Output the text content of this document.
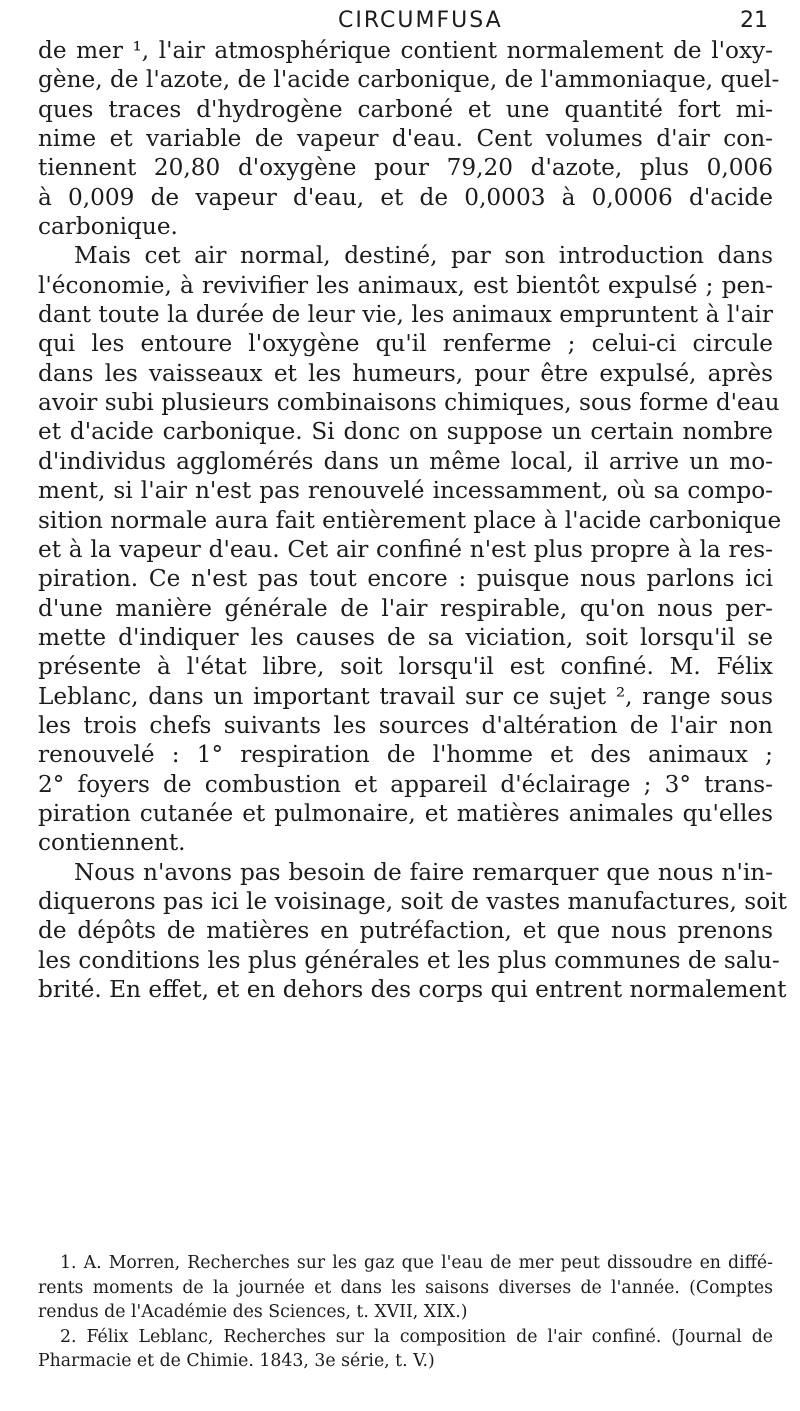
CIRCUMFUSA	21
de mer ¹, l'air atmosphérique contient normalement de l'oxy-
gène, de l'azote, de l'acide carbonique, de l'ammoniaque, quel-
ques traces d'hydrogène carboné et une quantité fort mi-
nime et variable de vapeur d'eau. Cent volumes d'air con-
tiennent 20,80 d'oxygène pour 79,20 d'azote, plus 0,006
à 0,009 de vapeur d'eau, et de 0,0003 à 0,0006 d'acide
carbonique.
Mais cet air normal, destiné, par son introduction dans
l'économie, à revivifier les animaux, est bientôt expulsé ; pen-
dant toute la durée de leur vie, les animaux empruntent à l'air
qui les entoure l'oxygène qu'il renferme ; celui-ci circule
dans les vaisseaux et les humeurs, pour être expulsé, après
avoir subi plusieurs combinaisons chimiques, sous forme d'eau
et d'acide carbonique. Si donc on suppose un certain nombre
d'individus agglomérés dans un même local, il arrive un mo-
ment, si l'air n'est pas renouvelé incessamment, où sa compo-
sition normale aura fait entièrement place à l'acide carbonique
et à la vapeur d'eau. Cet air confiné n'est plus propre à la res-
piration. Ce n'est pas tout encore : puisque nous parlons ici
d'une manière générale de l'air respirable, qu'on nous per-
mette d'indiquer les causes de sa viciation, soit lorsqu'il se
présente à l'état libre, soit lorsqu'il est confiné. M. Félix
Leblanc, dans un important travail sur ce sujet ², range sous
les trois chefs suivants les sources d'altération de l'air non
renouvelé : 1° respiration de l'homme et des animaux ;
2° foyers de combustion et appareil d'éclairage ; 3° trans-
piration cutanée et pulmonaire, et matières animales qu'elles
contiennent.
Nous n'avons pas besoin de faire remarquer que nous n'in-
diquerons pas ici le voisinage, soit de vastes manufactures, soit
de dépôts de matières en putréfaction, et que nous prenons
les conditions les plus générales et les plus communes de salu-
brité. En effet, et en dehors des corps qui entrent normalement
1. A. Morren, Recherches sur les gaz que l'eau de mer peut dissoudre en diffé-
rents moments de la journée et dans les saisons diverses de l'année. (Comptes
rendus de l'Académie des Sciences, t. XVII, XIX.)
2. Félix Leblanc, Recherches sur la composition de l'air confiné. (Journal de
Pharmacie et de Chimie. 1843, 3e série, t. V.)
